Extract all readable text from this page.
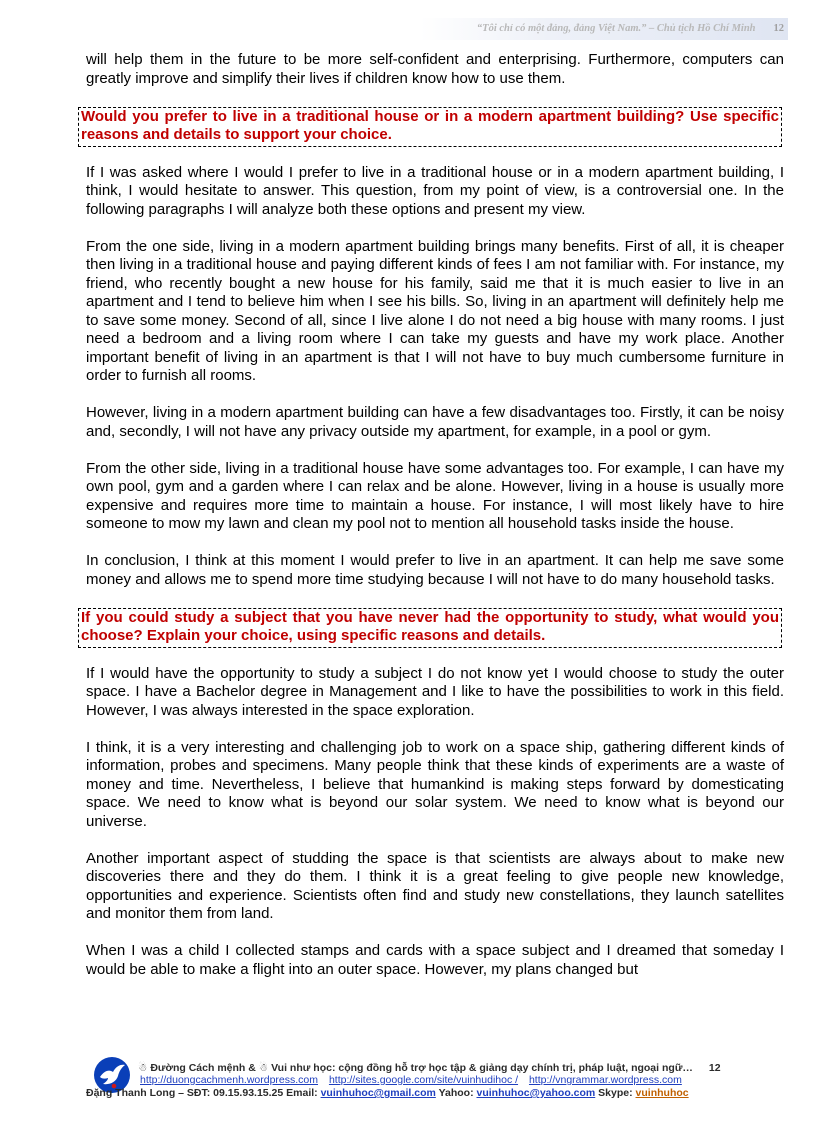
“Tôi chỉ có một đảng, đảng Việt Nam.” – Chủ tịch Hồ Chí Minh 12

will help them in the future to be more self-confident and enterprising. Furthermore, computers can greatly improve and simplify their lives if children know how to use them.

Would you prefer to live in a traditional house or in a modern apartment building? Use specific reasons and details to support your choice.

If I was asked where I would I prefer to live in a traditional house or in a modern apartment building, I think, I would hesitate to answer. This question, from my point of view, is a controversial one. In the following paragraphs I will analyze both these options and present my view.

From the one side, living in a modern apartment building brings many benefits. First of all, it is cheaper then living in a traditional house and paying different kinds of fees I am not familiar with. For instance, my friend, who recently bought a new house for his family, said me that it is much easier to live in an apartment and I tend to believe him when I see his bills. So, living in an apartment will definitely help me to save some money. Second of all, since I live alone I do not need a big house with many rooms. I just need a bedroom and a living room where I can take my guests and have my work place. Another important benefit of living in an apartment is that I will not have to buy much cumbersome furniture in order to furnish all rooms.

However, living in a modern apartment building can have a few disadvantages too. Firstly, it can be noisy and, secondly, I will not have any privacy outside my apartment, for example, in a pool or gym.

From the other side, living in a traditional house have some advantages too. For example, I can have my own pool, gym and a garden where I can relax and be alone. However, living in a house is usually more expensive and requires more time to maintain a house. For instance, I will most likely have to hire someone to mow my lawn and clean my pool not to mention all household tasks inside the house.

In conclusion, I think at this moment I would prefer to live in an apartment. It can help me save some money and allows me to spend more time studying because I will not have to do many household tasks.

If you could study a subject that you have never had the opportunity to study, what would you choose? Explain your choice, using specific reasons and details.

If I would have the opportunity to study a subject I do not know yet I would choose to study the outer space. I have a Bachelor degree in Management and I like to have the possibilities to work in this field. However, I was always interested in the space exploration.

I think, it is a very interesting and challenging job to work on a space ship, gathering different kinds of information, probes and specimens. Many people think that these kinds of experiments are a waste of money and time. Nevertheless, I believe that humankind is making steps forward by domesticating space. We need to know what is beyond our solar system. We need to know what is beyond our universe.

Another important aspect of studding the space is that scientists are always about to make new discoveries there and they do them. I think it is a great feeling to give people new knowledge, opportunities and experience. Scientists often find and study new constellations, they launch satellites and monitor them from land.

When I was a child I collected stamps and cards with a space subject and I dreamed that someday I would be able to make a flight into an outer space. However, my plans changed but

☃ Đường Cách mệnh & ☃ Vui như học: cộng đồng hỗ trợ học tập & giảng dạy chính trị, pháp luật, ngoại ngữ… 12
http://duongcachmenh.wordpress.com http://sites.google.com/site/vuinhudihoc / http://vngrammar.wordpress.com
Đặng Thanh Long – SĐT: 09.15.93.15.25 Email: vuinhuhoc@gmail.com Yahoo: vuinhuhoc@yahoo.com Skype: vuinhuhoc
